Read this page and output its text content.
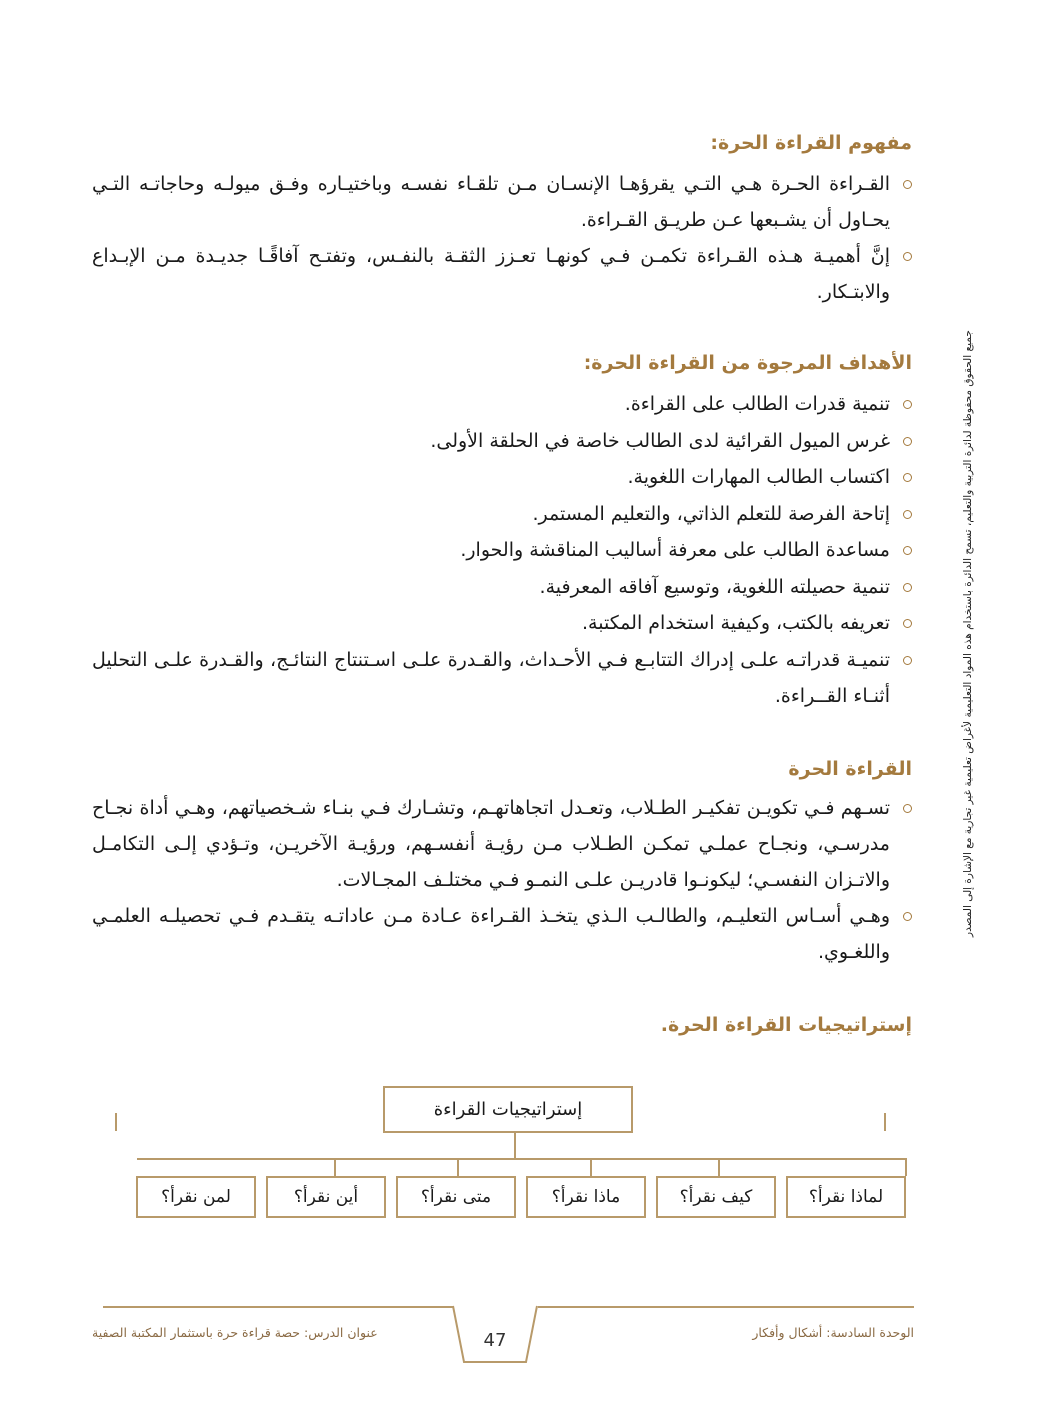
جميع الحقوق محفوظة لدائرة التربية والتعليم، تسمح الدائرة باستخدام هذه المواد التعليمية لأغراض تعليمية غير تجارية مع الإشارة إلى المصدر
مفهوم القراءة الحرة:
القـراءة الحـرة هـي التـي يقرؤهـا الإنسـان مـن تلقـاء نفسـه وباختيـاره وفـق ميولـه وحاجاتـه التـي يحـاول أن يشـبعها عـن طريـق القـراءة.
إنَّ أهميـة هـذه القـراءة تكمـن فـي كونهـا تعـزز الثقـة بالنفـس، وتفتـح آفاقًـا جديـدة مـن الإبـداع والابتـكار.
الأهداف المرجوة من القراءة الحرة:
تنمية قدرات الطالب على القراءة.
غرس الميول القرائية لدى الطالب خاصة في الحلقة الأولى.
اكتساب الطالب المهارات اللغوية.
إتاحة الفرصة للتعلم الذاتي، والتعليم المستمر.
مساعدة الطالب على معرفة أساليب المناقشة والحوار.
تنمية حصيلته اللغوية، وتوسيع آفاقه المعرفية.
تعريفه بالكتب، وكيفية استخدام المكتبة.
تنميـة قدراتـه علـى إدراك التتابـع فـي الأحـداث، والقـدرة علـى اسـتنتاج النتائـج، والقـدرة علـى التحليل أثنـاء القــراءة.
القراءة الحرة
تسـهم فـي تكويـن تفكيـر الطـلاب، وتعـدل اتجاهاتهـم، وتشـارك فـي بنـاء شـخصياتهم، وهـي أداة نجـاح مدرسـي، ونجـاح عملـي تمكـن الطـلاب مـن رؤيـة أنفسـهم، ورؤيـة الآخريـن، وتـؤدي إلـى التكامـل والاتـزان النفسـي؛ ليكونـوا قادريـن علـى النمـو فـي مختلـف المجـالات.
وهـي أسـاس التعليـم، والطالـب الـذي يتخـذ القـراءة عـادة مـن عاداتـه يتقـدم فـي تحصيلـه العلمـي واللغـوي.
إستراتيجيات القراءة الحرة.
إستراتيجيات القراءة
لماذا نقرأ؟
كيف نقرأ؟
ماذا نقرأ؟
متى نقرأ؟
أين نقرأ؟
لمن نقرأ؟
47	الوحدة السادسة: أشكال وأفكار
عنوان الدرس: حصة قراءة حرة باستثمار المكتبة الصفية
